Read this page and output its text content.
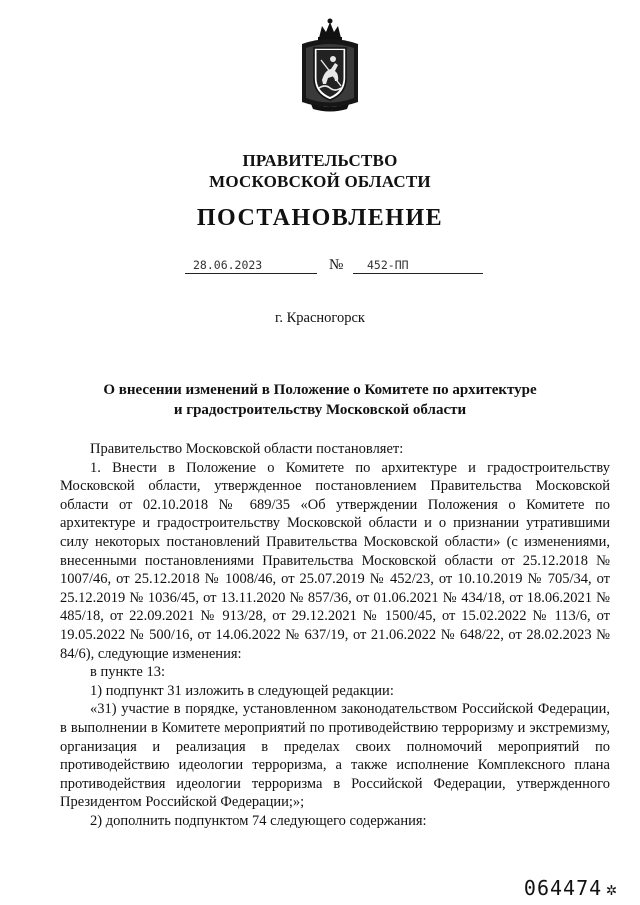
ПРАВИТЕЛЬСТВО
МОСКОВСКОЙ ОБЛАСТИ
ПОСТАНОВЛЕНИЕ
28.06.2023	№ 452-ПП
г. Красногорск
О внесении изменений в Положение о Комитете по архитектуре
и градостроительству Московской области

Правительство Московской области постановляет:

1. Внести в Положение о Комитете по архитектуре и градостроительству Московской области, утвержденное постановлением Правительства Московской области от 02.10.2018 № 689/35 «Об утверждении Положения о Комитете по архитектуре и градостроительству Московской области и о признании утратившими силу некоторых постановлений Правительства Московской области» (с изменениями, внесенными постановлениями Правительства Московской области от 25.12.2018 № 1007/46, от 25.12.2018 № 1008/46, от 25.07.2019 № 452/23, от 10.10.2019 № 705/34, от 25.12.2019 № 1036/45, от 13.11.2020 № 857/36, от 01.06.2021 № 434/18, от 18.06.2021 № 485/18, от 22.09.2021 № 913/28, от 29.12.2021 № 1500/45, от 15.02.2022 № 113/6, от 19.05.2022 № 500/16, от 14.06.2022 № 637/19, от 21.06.2022 № 648/22, от 28.02.2023 № 84/6), следующие изменения:

в пункте 13:

1) подпункт 31 изложить в следующей редакции:

«31) участие в порядке, установленном законодательством Российской Федерации, в выполнении в Комитете мероприятий по противодействию терроризму и экстремизму, организация и реализация в пределах своих полномочий мероприятий по противодействию идеологии терроризма, а также исполнение Комплексного плана противодействия идеологии терроризма в Российской Федерации, утвержденного Президентом Российской Федерации;»;

2) дополнить подпунктом 74 следующего содержания:

064474 ✲
